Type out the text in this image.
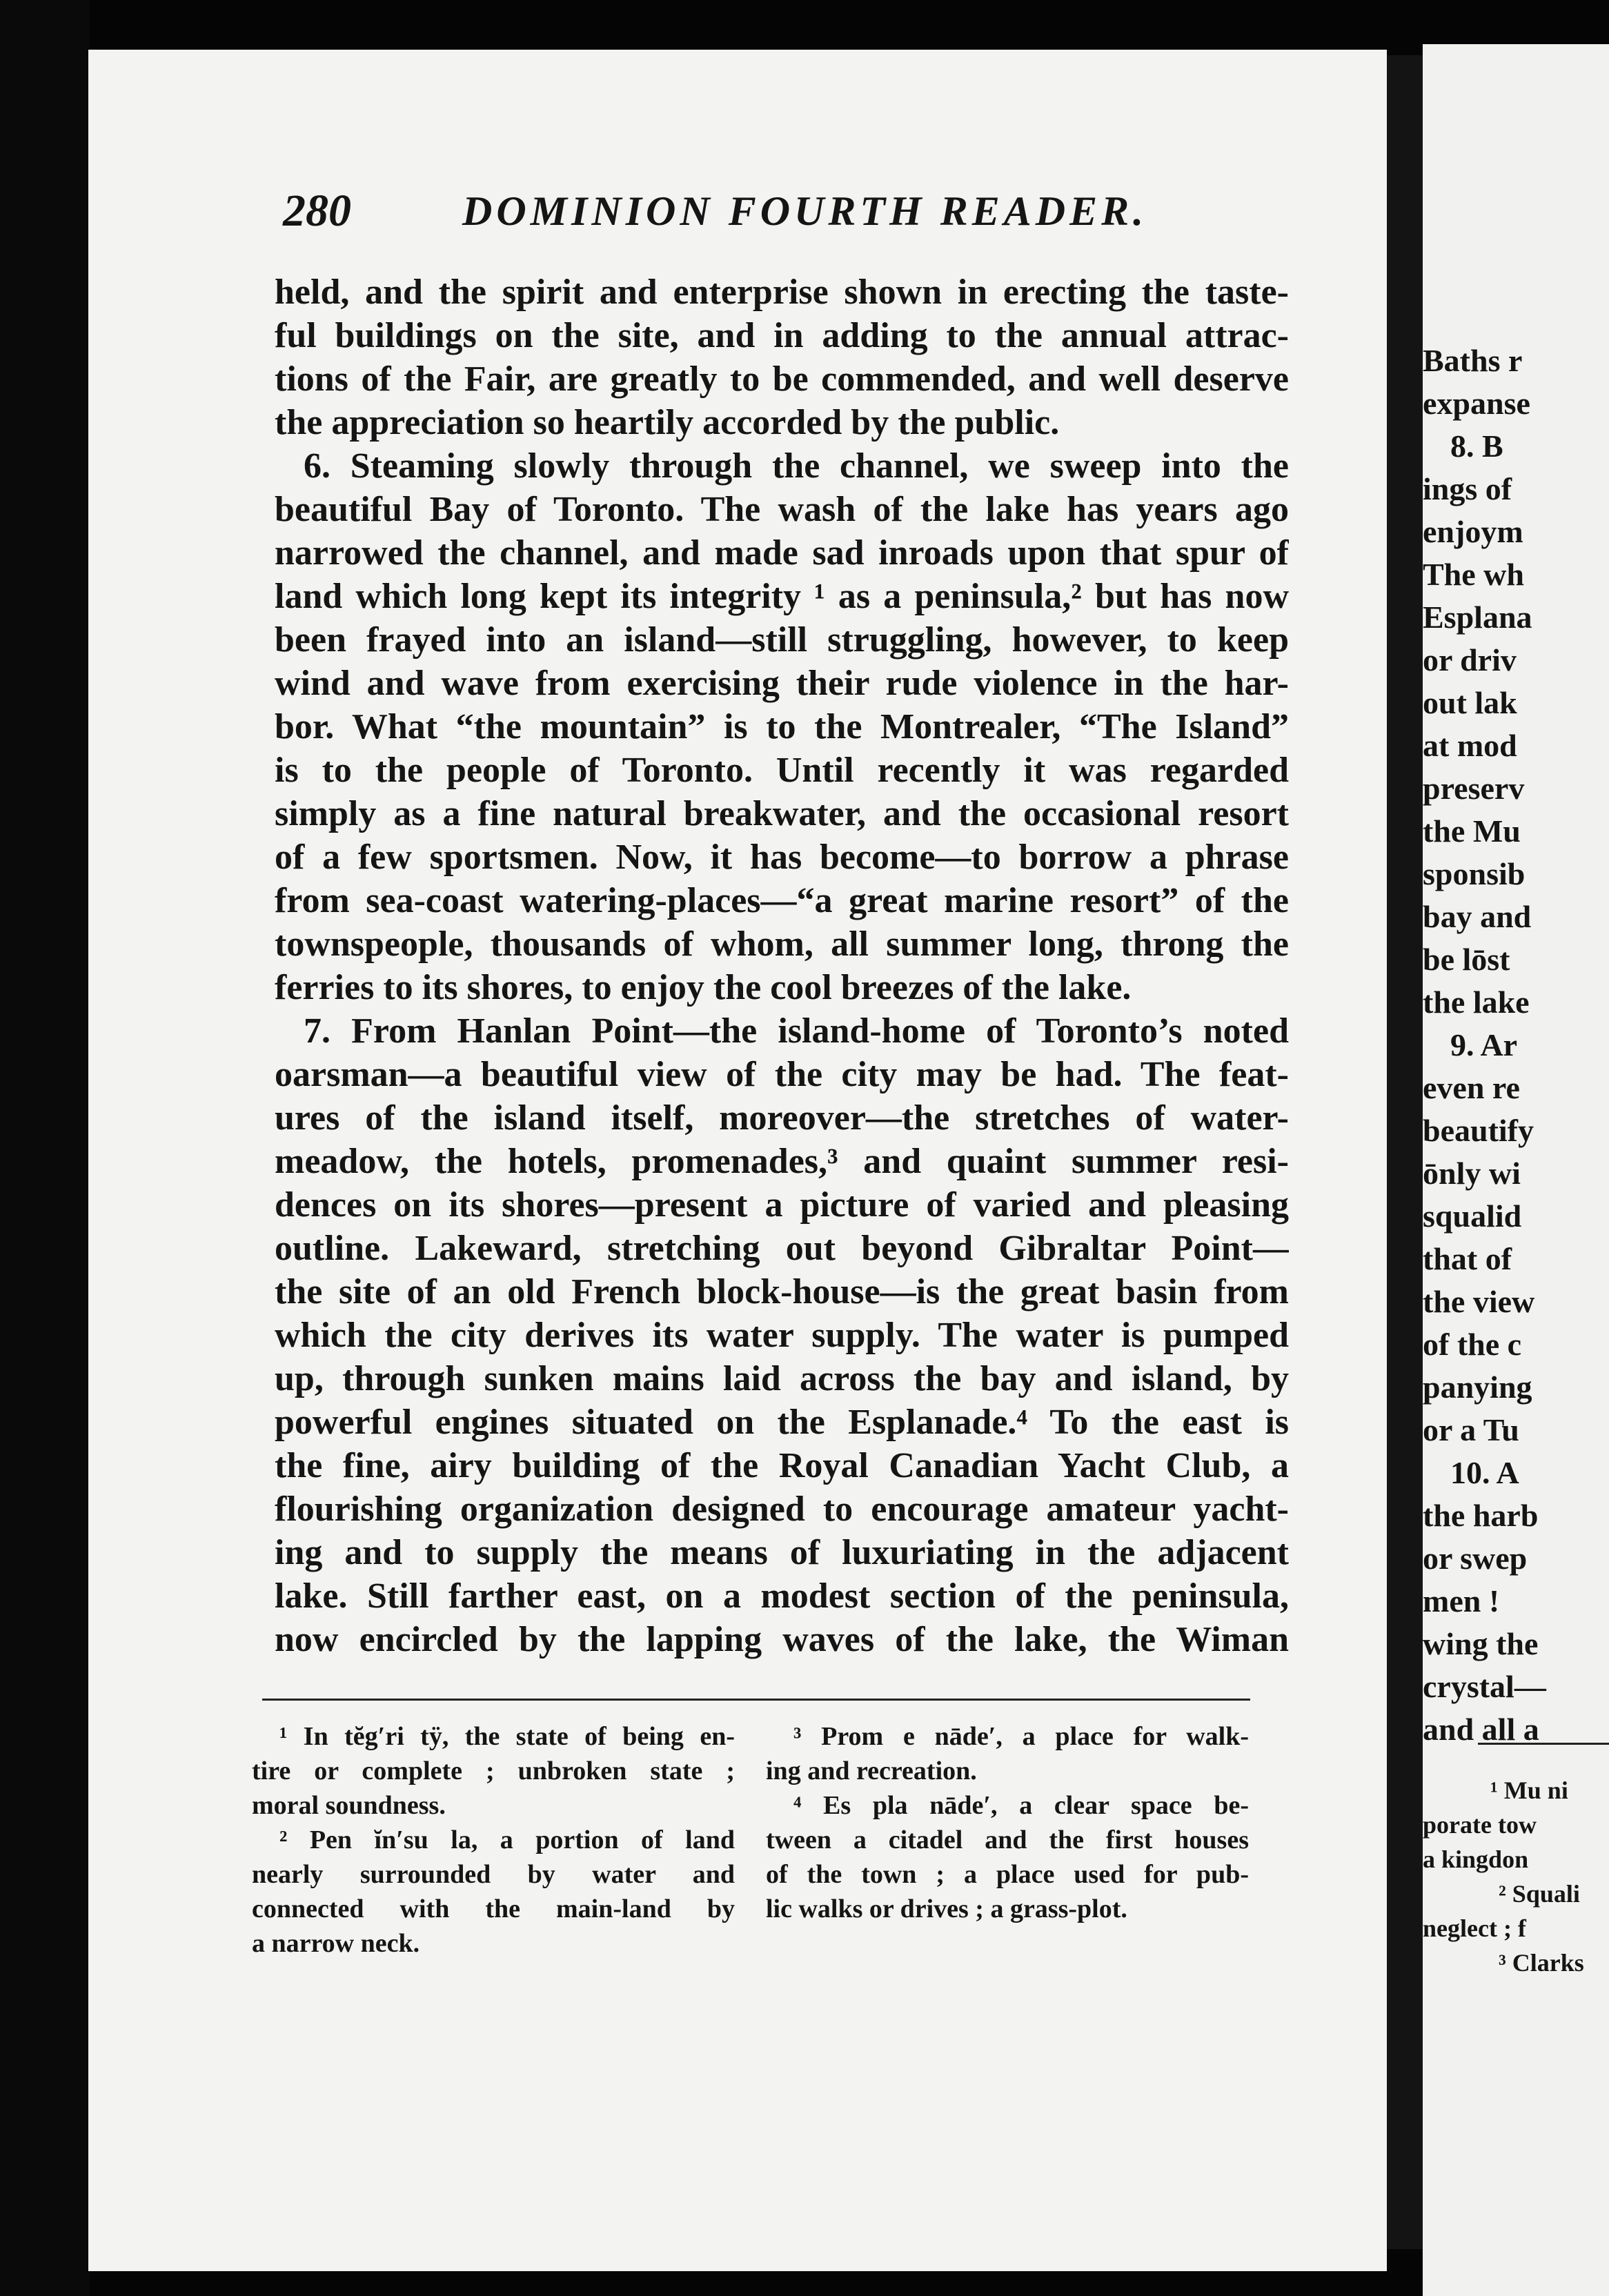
280	DOMINION FOURTH READER.
held, and the spirit and enterprise shown in erecting the taste-
ful buildings on the site, and in adding to the annual attrac-
tions of the Fair, are greatly to be commended, and well deserve
the appreciation so heartily accorded by the public.
6. Steaming slowly through the channel, we sweep into the
beautiful Bay of Toronto. The wash of the lake has years ago
narrowed the channel, and made sad inroads upon that spur of
land which long kept its integrity ¹ as a peninsula,² but has now
been frayed into an island—still struggling, however, to keep
wind and wave from exercising their rude violence in the har-
bor. What “the mountain” is to the Montrealer, “The Island”
is to the people of Toronto. Until recently it was regarded
simply as a fine natural breakwater, and the occasional resort
of a few sportsmen. Now, it has become—to borrow a phrase
from sea-coast watering-places—“a great marine resort” of the
townspeople, thousands of whom, all summer long, throng the
ferries to its shores, to enjoy the cool breezes of the lake.
7. From Hanlan Point—the island-home of Toronto’s noted
oarsman—a beautiful view of the city may be had. The feat-
ures of the island itself, moreover—the stretches of water-
meadow, the hotels, promenades,³ and quaint summer resi-
dences on its shores—present a picture of varied and pleasing
outline. Lakeward, stretching out beyond Gibraltar Point—
the site of an old French block-house—is the great basin from
which the city derives its water supply. The water is pumped
up, through sunken mains laid across the bay and island, by
powerful engines situated on the Esplanade.⁴ To the east is
the fine, airy building of the Royal Canadian Yacht Club, a
flourishing organization designed to encourage amateur yacht-
ing and to supply the means of luxuriating in the adjacent
lake. Still farther east, on a modest section of the peninsula,
now encircled by the lapping waves of the lake, the Wiman
¹ In tĕg′ri tÿ, the state of being en-
tire or complete ; unbroken state ;
moral soundness.
² Pen ĭn′su la, a portion of land
nearly surrounded by water and
connected with the main-land by
a narrow neck.
³ Prom e nāde′, a place for walk-
ing and recreation.
⁴ Es pla nāde′, a clear space be-
tween a citadel and the first houses
of the town ; a place used for pub-
lic walks or drives ; a grass-plot.
Baths r
expanse
8. B
ings of
enjoym
The wh
Esplana
or driv
out lak
at mod
preserv
the Mu
sponsib
bay and
be lōst
the lake
9. Ar
even re
beautify
ōnly wi
squalid
that of
the view
of the c
panying
or a Tu
10. A
the harb
or swep
men !
wing the
crystal—
and all a
¹ Mu ni
porate tow
a kingdon
² Squali
neglect ; f
³ Clarks
